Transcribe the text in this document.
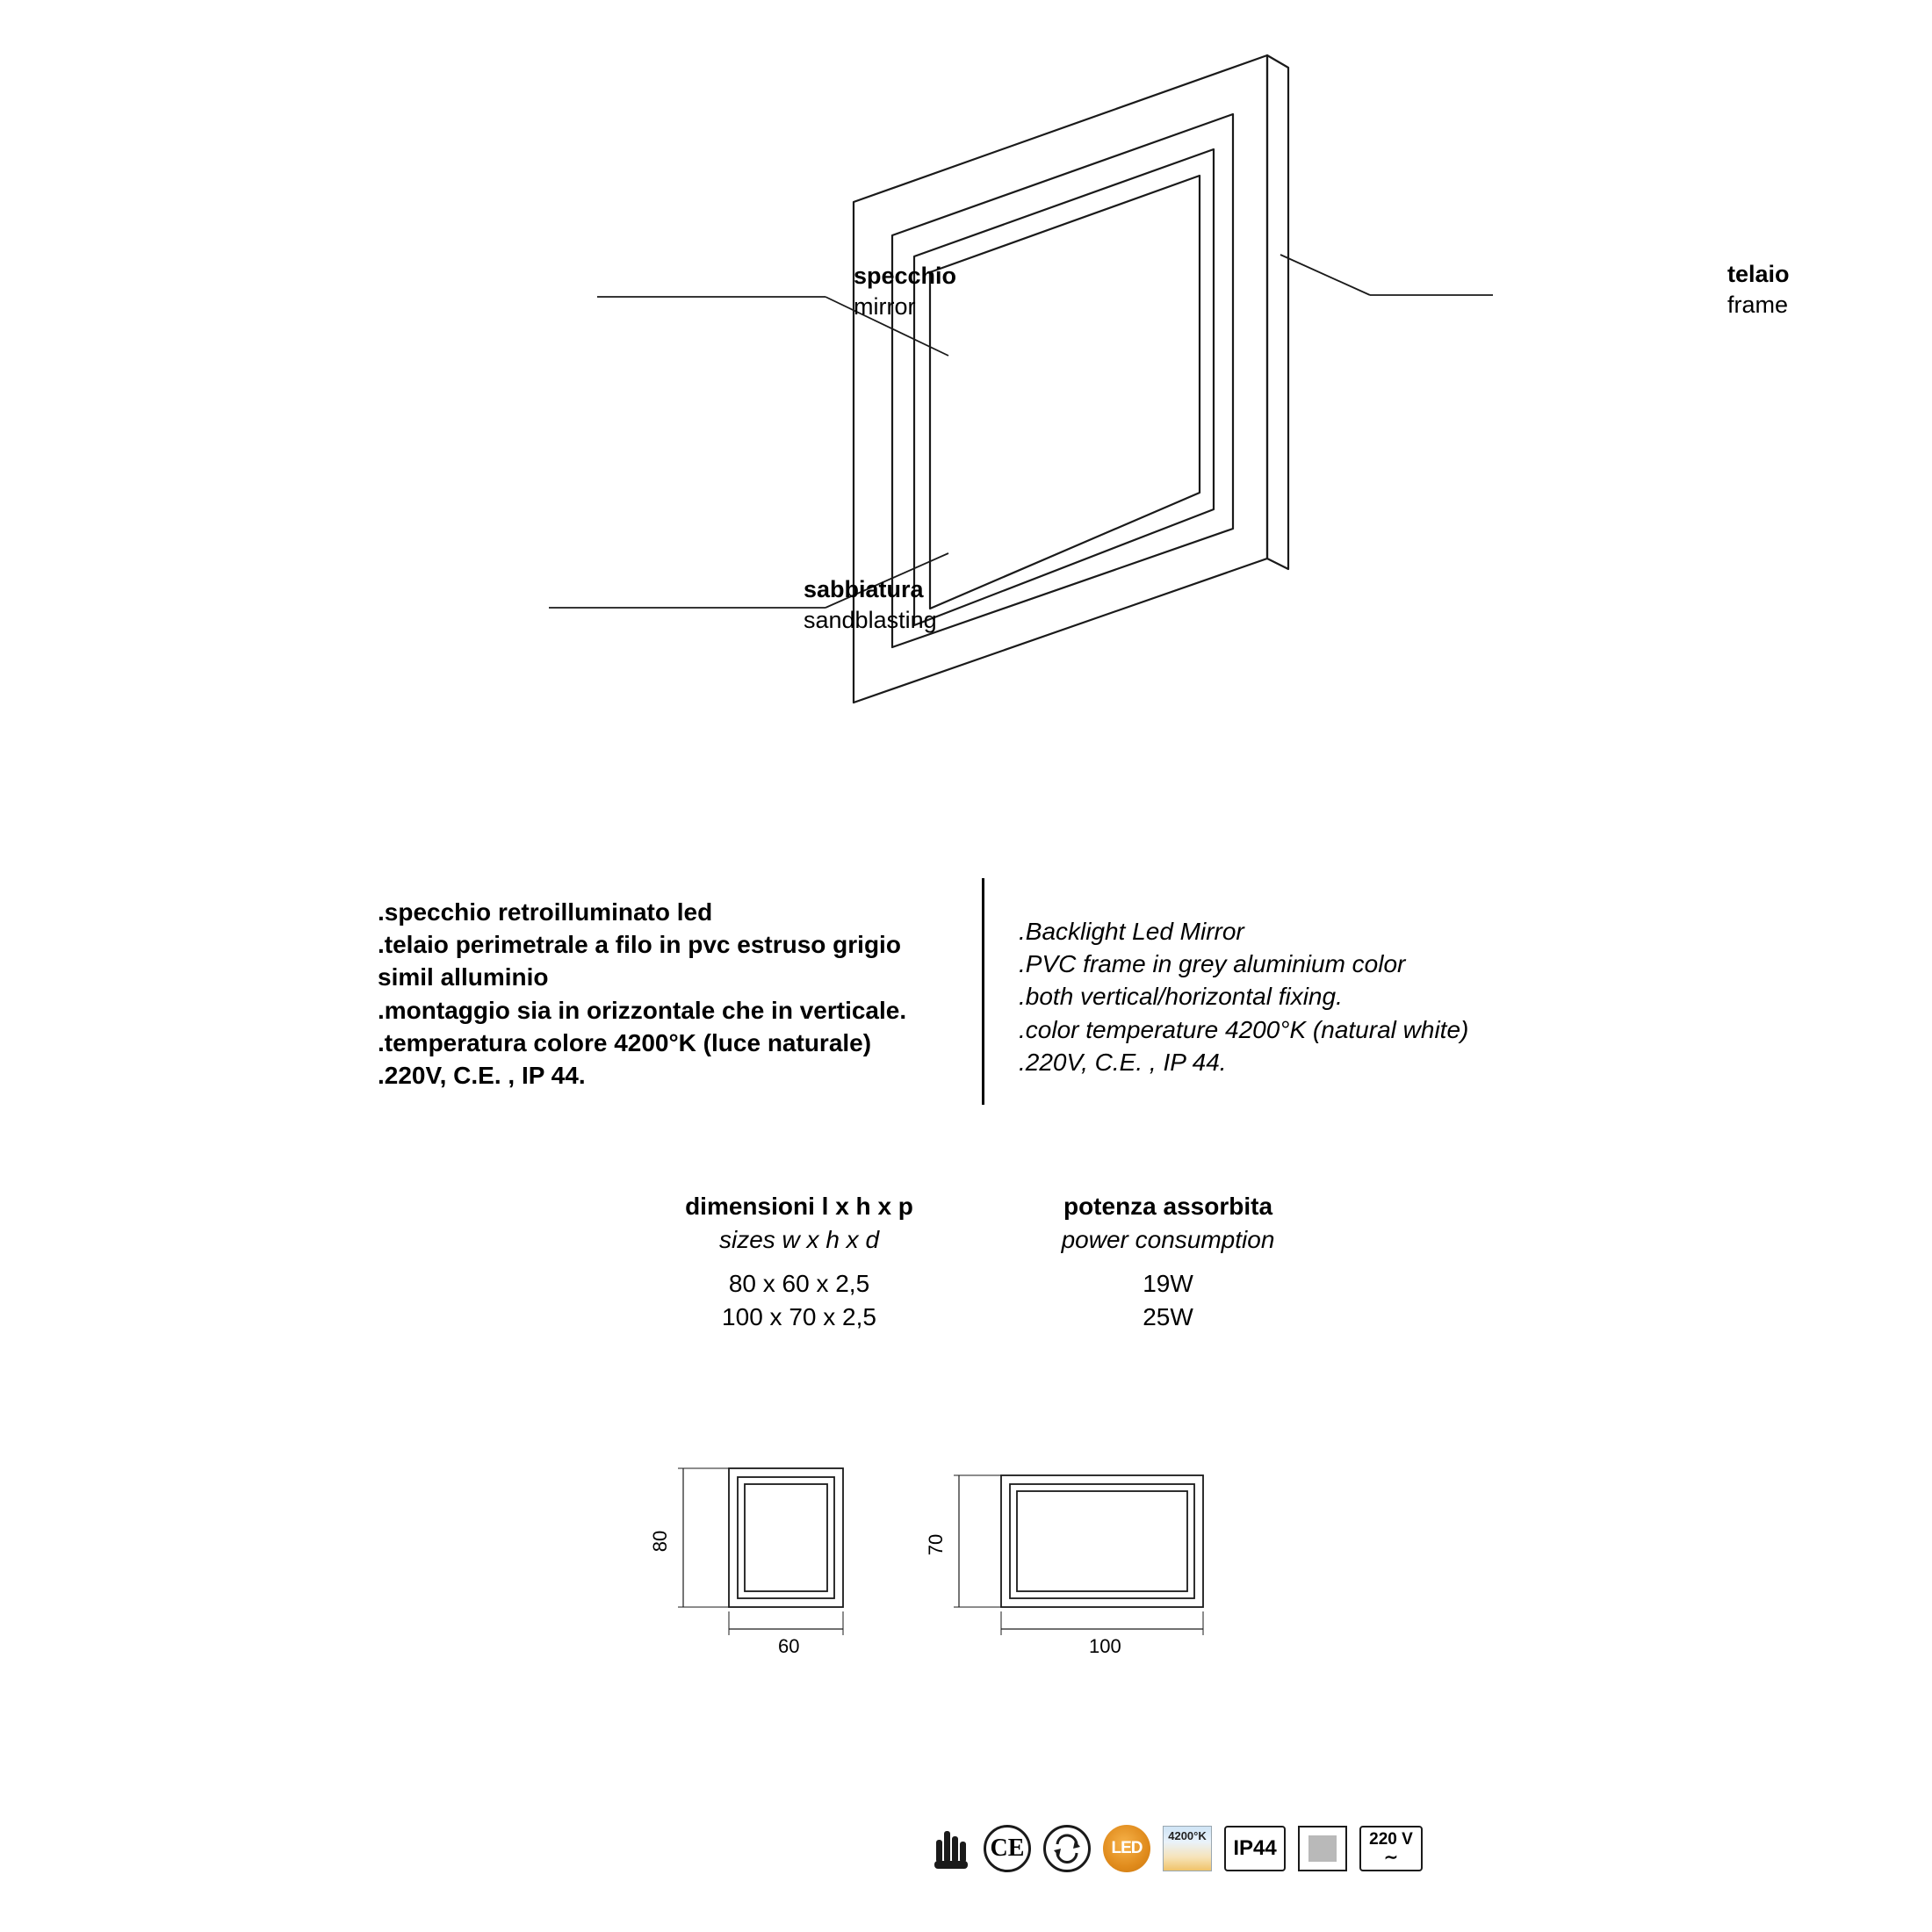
specchio
mirror
sabbiatura
sandblasting
telaio
frame
.specchio retroilluminato led
.telaio perimetrale a filo in pvc estruso grigio simil alluminio
.montaggio sia in orizzontale che in verticale.
.temperatura colore 4200°K (luce naturale)
.220V, C.E. , IP 44.
.Backlight Led Mirror
.PVC frame in grey aluminium color
.both vertical/horizontal fixing.
.color temperature 4200°K (natural white)
.220V, C.E. , IP 44.
dimensioni l x h x p
sizes w x h x d
80 x 60 x 2,5
100 x 70 x 2,5
potenza assorbita
power consumption
19W
25W
80
60
70
100
CE	LED
4200°K
IP44	220 V
∼
